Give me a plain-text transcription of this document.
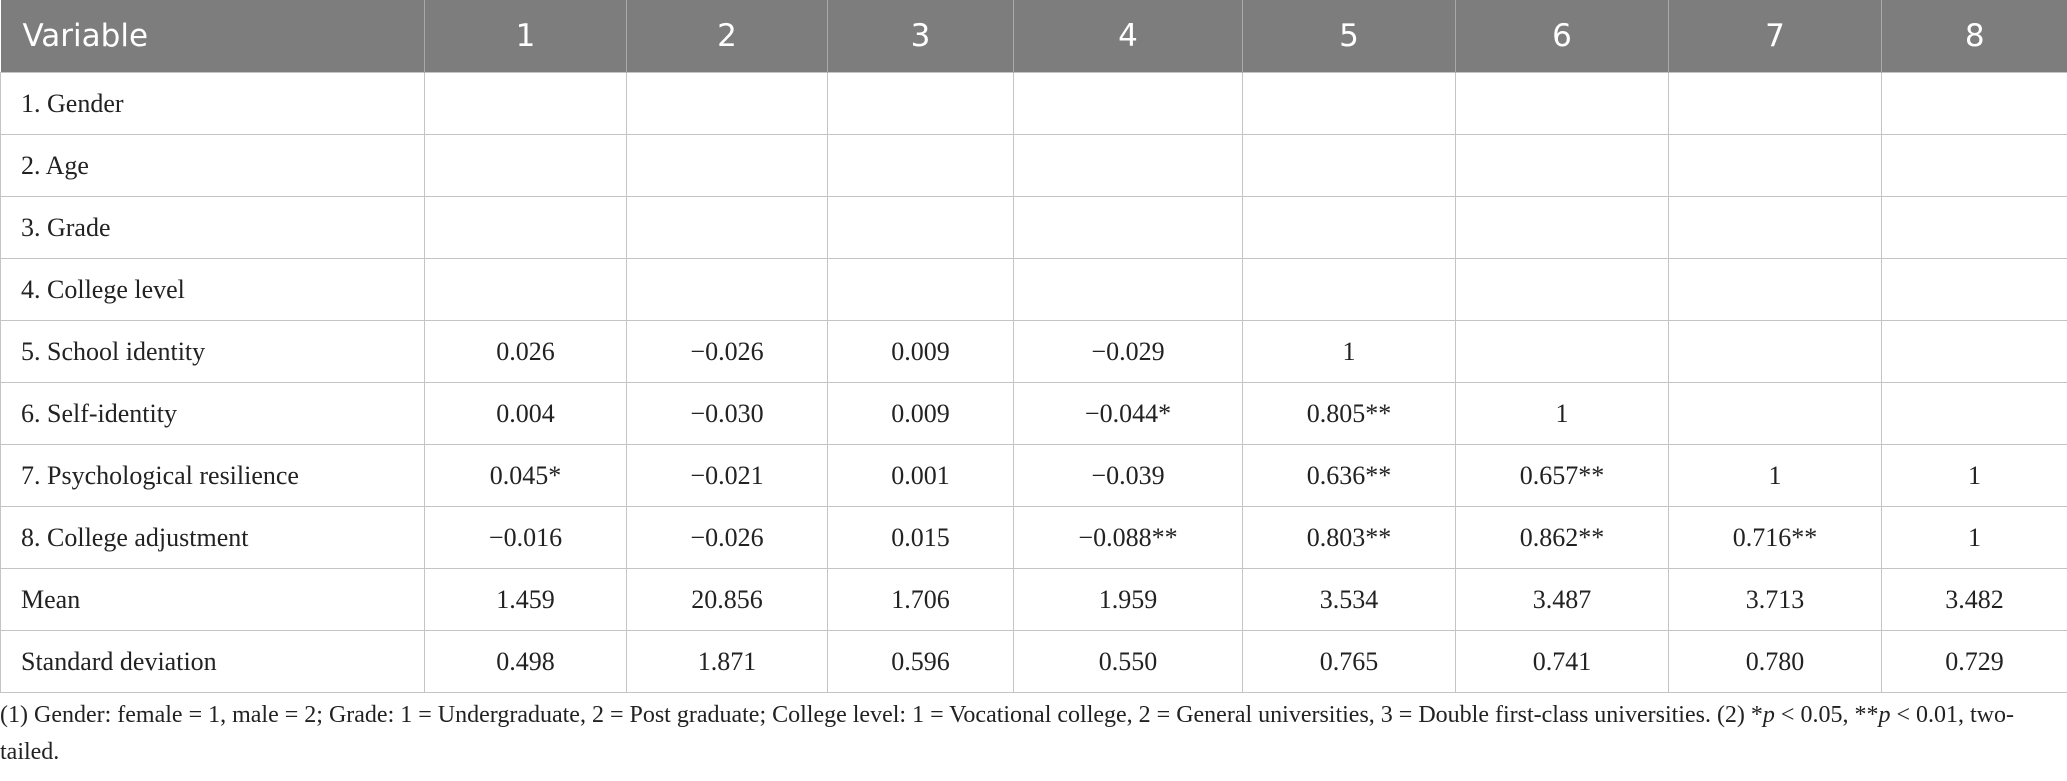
Variable	1	2	3	4	5	6	7	8
1. Gender								
2. Age								
3. Grade								
4. College level								
5. School identity	0.026	−0.026	0.009	−0.029	1			
6. Self-identity	0.004	−0.030	0.009	−0.044*	0.805**	1		
7. Psychological resilience	0.045*	−0.021	0.001	−0.039	0.636**	0.657**	1	1
8. College adjustment	−0.016	−0.026	0.015	−0.088**	0.803**	0.862**	0.716**	1
Mean	1.459	20.856	1.706	1.959	3.534	3.487	3.713	3.482
Standard deviation	0.498	1.871	0.596	0.550	0.765	0.741	0.780	0.729
(1) Gender: female = 1, male = 2; Grade: 1 = Undergraduate, 2 = Post graduate; College level: 1 = Vocational college, 2 = General universities, 3 = Double first-class universities. (2) *p < 0.05, **p < 0.01, two-tailed.
